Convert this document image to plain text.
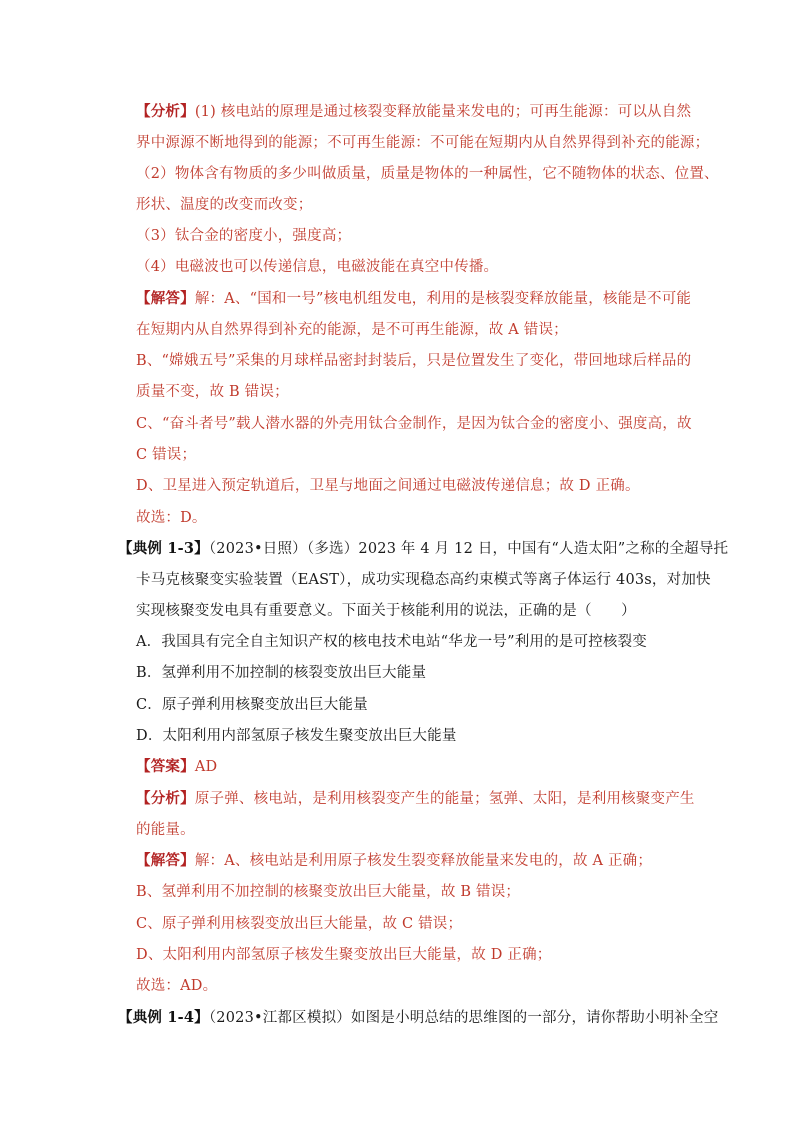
【分析】(1) 核电站的原理是通过核裂变释放能量来发电的；可再生能源：可以从自然
界中源源不断地得到的能源；不可再生能源：不可能在短期内从自然界得到补充的能源；
（2）物体含有物质的多少叫做质量，质量是物体的一种属性，它不随物体的状态、位置、
形状、温度的改变而改变；
（3）钛合金的密度小，强度高；
（4）电磁波也可以传递信息，电磁波能在真空中传播。
【解答】解：A、“国和一号”核电机组发电，利用的是核裂变释放能量，核能是不可能
在短期内从自然界得到补充的能源，是不可再生能源，故 A 错误；
B、“嫦娥五号”采集的月球样品密封封装后，只是位置发生了变化，带回地球后样品的
质量不变，故 B 错误；
C、“奋斗者号”载人潜水器的外壳用钛合金制作，是因为钛合金的密度小、强度高，故
C 错误；
D、卫星进入预定轨道后，卫星与地面之间通过电磁波传递信息；故 D 正确。
故选：D。
【典例 1-3】（2023•日照）（多选）2023 年 4 月 12 日，中国有“人造太阳”之称的全超导托
卡马克核聚变实验装置（EAST），成功实现稳态高约束模式等离子体运行 403s，对加快
实现核聚变发电具有重要意义。下面关于核能利用的说法，正确的是（　　）
A．我国具有完全自主知识产权的核电技术电站“华龙一号”利用的是可控核裂变
B．氢弹利用不加控制的核裂变放出巨大能量
C．原子弹利用核聚变放出巨大能量
D．太阳利用内部氢原子核发生聚变放出巨大能量
【答案】AD
【分析】原子弹、核电站，是利用核裂变产生的能量；氢弹、太阳，是利用核聚变产生
的能量。
【解答】解：A、核电站是利用原子核发生裂变释放能量来发电的，故 A 正确；
B、氢弹利用不加控制的核聚变放出巨大能量，故 B 错误；
C、原子弹利用核裂变放出巨大能量，故 C 错误；
D、太阳利用内部氢原子核发生聚变放出巨大能量，故 D 正确；
故选：AD。
【典例 1-4】（2023•江都区模拟）如图是小明总结的思维图的一部分，请你帮助小明补全空
